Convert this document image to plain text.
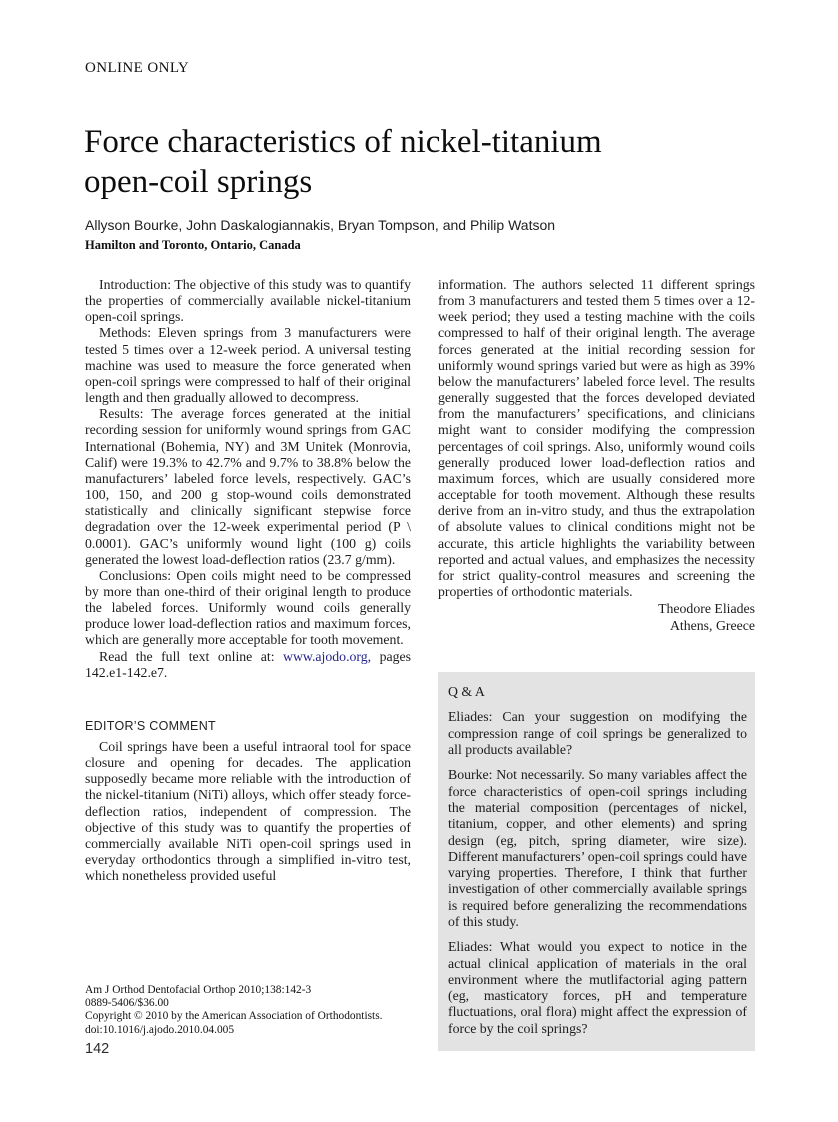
ONLINE ONLY
Force characteristics of nickel-titanium
open-coil springs
Allyson Bourke, John Daskalogiannakis, Bryan Tompson, and Philip Watson
Hamilton and Toronto, Ontario, Canada

Introduction: The objective of this study was to quantify the properties of commercially available nickel-titanium open-coil springs.

Methods: Eleven springs from 3 manufacturers were tested 5 times over a 12-week period. A universal testing machine was used to measure the force generated when open-coil springs were compressed to half of their original length and then gradually allowed to decompress.

Results: The average forces generated at the initial recording session for uniformly wound springs from GAC International (Bohemia, NY) and 3M Unitek (Monrovia, Calif) were 19.3% to 42.7% and 9.7% to 38.8% below the manufacturers’ labeled force levels, respectively. GAC’s 100, 150, and 200 g stop-wound coils demonstrated statistically and clinically significant stepwise force degradation over the 12-week experimental period (P \ 0.0001). GAC’s uniformly wound light (100 g) coils generated the lowest load-deflection ratios (23.7 g/mm).

Conclusions: Open coils might need to be compressed by more than one-third of their original length to produce the labeled forces. Uniformly wound coils generally produce lower load-deflection ratios and maximum forces, which are generally more acceptable for tooth movement.

Read the full text online at: www.ajodo.org, pages 142.e1-142.e7.

EDITOR’S COMMENT

Coil springs have been a useful intraoral tool for space closure and opening for decades. The application supposedly became more reliable with the introduction of the nickel-titanium (NiTi) alloys, which offer steady force-deflection ratios, independent of compression. The objective of this study was to quantify the properties of commercially available NiTi open-coil springs used in everyday orthodontics through a simplified in-vitro test, which nonetheless provided useful

information. The authors selected 11 different springs from 3 manufacturers and tested them 5 times over a 12-week period; they used a testing machine with the coils compressed to half of their original length. The average forces generated at the initial recording session for uniformly wound springs varied but were as high as 39% below the manufacturers’ labeled force level. The results generally suggested that the forces developed deviated from the manufacturers’ specifications, and clinicians might want to consider modifying the compression percentages of coil springs. Also, uniformly wound coils generally produced lower load-deflection ratios and maximum forces, which are usually considered more acceptable for tooth movement. Although these results derive from an in-vitro study, and thus the extrapolation of absolute values to clinical conditions might not be accurate, this article highlights the variability between reported and actual values, and emphasizes the necessity for strict quality-control measures and screening the properties of orthodontic materials.

Theodore Eliades
Athens, Greece

Q & A

Eliades: Can your suggestion on modifying the compression range of coil springs be generalized to all products available?

Bourke: Not necessarily. So many variables affect the force characteristics of open-coil springs including the material composition (percentages of nickel, titanium, copper, and other elements) and spring design (eg, pitch, spring diameter, wire size). Different manufacturers’ open-coil springs could have varying properties. Therefore, I think that further investigation of other commercially available springs is required before generalizing the recommendations of this study.

Eliades: What would you expect to notice in the actual clinical application of materials in the oral environment where the mutlifactorial aging pattern (eg, masticatory forces, pH and temperature fluctuations, oral flora) might affect the expression of force by the coil springs?

Am J Orthod Dentofacial Orthop 2010;138:142-3
0889-5406/$36.00
Copyright © 2010 by the American Association of Orthodontists.
doi:10.1016/j.ajodo.2010.04.005
142
